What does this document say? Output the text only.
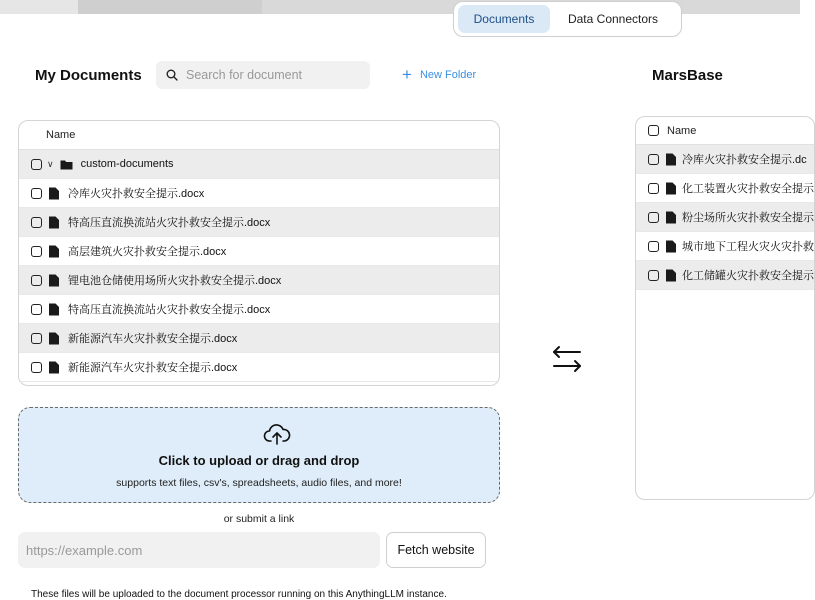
Documents	Data Connectors
My Documents
Search for document	+ New Folder	MarsBase
Name
∨ custom-documents
冷库火灾扑救安全提示.docx
特高压直流换流站火灾扑救安全提示.docx
高层建筑火灾扑救安全提示.docx
锂电池仓储使用场所火灾扑救安全提示.docx
特高压直流换流站火灾扑救安全提示.docx
新能源汽车火灾扑救安全提示.docx
新能源汽车火灾扑救安全提示.docx
Name
冷库火灾扑救安全提示.dc
化工装置火灾扑救安全提示
粉尘场所火灾扑救安全提示
城市地下工程火灾火灾扑救
化工储罐火灾扑救安全提示
Click to upload or drag and drop
supports text files, csv's, spreadsheets, audio files, and more!
or submit a link
https://example.com
Fetch website
These files will be uploaded to the document processor running on this AnythingLLM instance.
